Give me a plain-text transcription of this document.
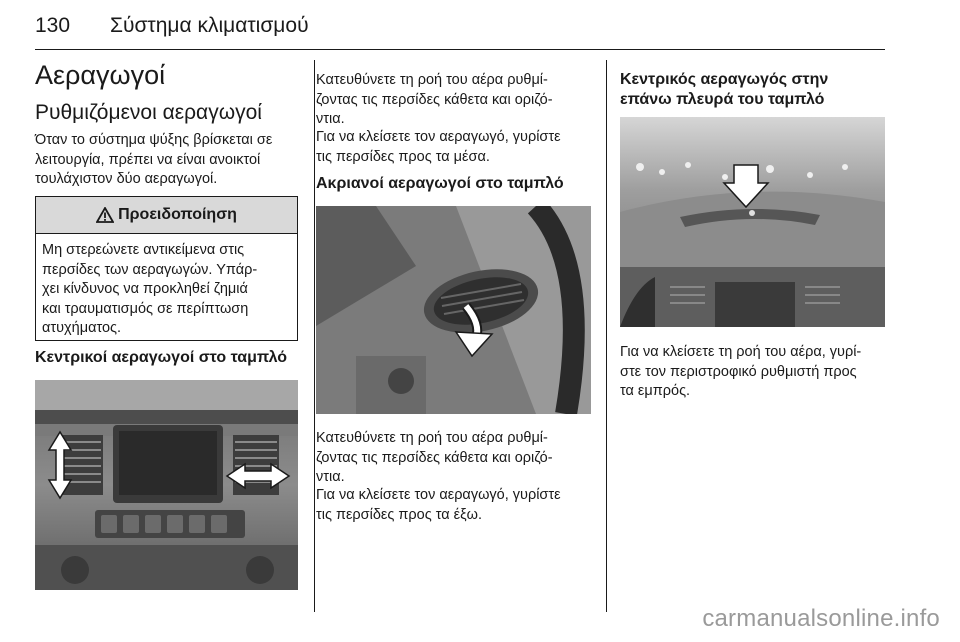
130 Σύστημα κλιματισμού
Αεραγωγοί
Ρυθμιζόμενοι αεραγωγοί
Όταν το σύστημα ψύξης βρίσκεται σε
λειτουργία, πρέπει να είναι ανοικτοί
τουλάχιστον δύο αεραγωγοί.
Προειδοποίηση
Μη στερεώνετε αντικείμενα στις
περσίδες των αεραγωγών. Υπάρ-
χει κίνδυνος να προκληθεί ζημιά
και τραυματισμός σε περίπτωση
ατυχήματος.
Κεντρικοί αεραγωγοί στο ταμπλό
Κατευθύνετε τη ροή του αέρα ρυθμί-
ζοντας τις περσίδες κάθετα και οριζό-
ντια.
Για να κλείσετε τον αεραγωγό, γυρίστε
τις περσίδες προς τα μέσα.
Ακριανοί αεραγωγοί στο ταμπλό
Κατευθύνετε τη ροή του αέρα ρυθμί-
ζοντας τις περσίδες κάθετα και οριζό-
ντια.
Για να κλείσετε τον αεραγωγό, γυρίστε
τις περσίδες προς τα έξω.
Κεντρικός αεραγωγός στην
επάνω πλευρά του ταμπλό
Για να κλείσετε τη ροή του αέρα, γυρί-
στε τον περιστροφικό ρυθμιστή προς
τα εμπρός.
carmanualsonline.info
